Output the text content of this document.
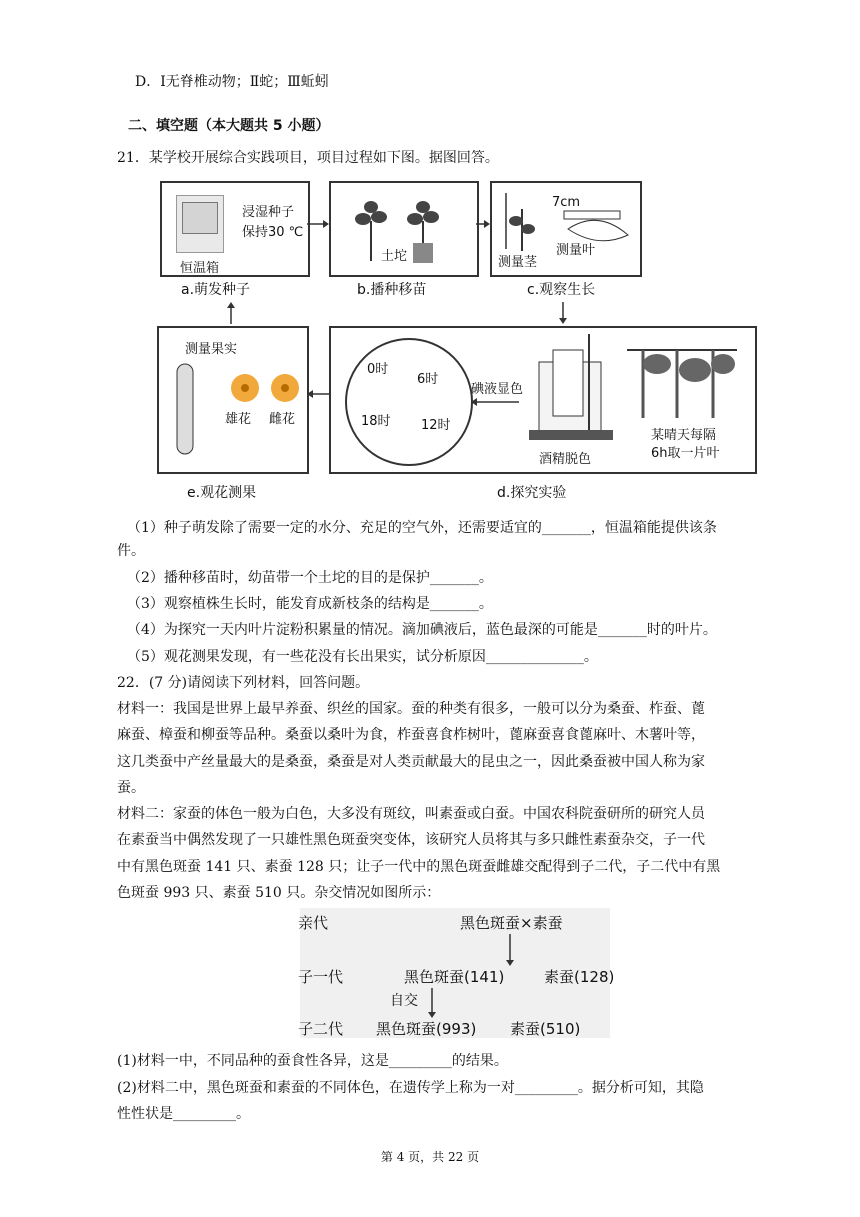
D．Ⅰ无脊椎动物；Ⅱ蛇；Ⅲ蚯蚓
二、填空题（本大题共 5 小题）
21．某学校开展综合实践项目，项目过程如下图。据图回答。
恒温箱
浸湿种子
保持30 ℃
a.萌发种子
土坨
b.播种移苗
7cm
测量茎
测量叶
c.观察生长
0时
6时
12时
18时
碘液显色
酒精脱色
某晴天每隔
6h取一片叶
d.探究实验
测量果实
雄花 雌花
e.观花测果
（1）种子萌发除了需要一定的水分、充足的空气外，还需要适宜的_______，恒温箱能提供该条
件。
（2）播种移苗时，幼苗带一个土坨的目的是保护_______。
（3）观察植株生长时，能发育成新枝条的结构是_______。
（4）为探究一天内叶片淀粉积累量的情况。滴加碘液后，蓝色最深的可能是_______时的叶片。
（5）观花测果发现，有一些花没有长出果实，试分析原因______________。
22．(7 分)请阅读下列材料，回答问题。
材料一：我国是世界上最早养蚕、织丝的国家。蚕的种类有很多，一般可以分为桑蚕、柞蚕、蓖
麻蚕、樟蚕和柳蚕等品种。桑蚕以桑叶为食，柞蚕喜食柞树叶，蓖麻蚕喜食蓖麻叶、木薯叶等，
这几类蚕中产丝量最大的是桑蚕，桑蚕是对人类贡献最大的昆虫之一，因此桑蚕被中国人称为家
蚕。
材料二：家蚕的体色一般为白色，大多没有斑纹，叫素蚕或白蚕。中国农科院蚕研所的研究人员
在素蚕当中偶然发现了一只雄性黑色斑蚕突变体，该研究人员将其与多只雌性素蚕杂交，子一代
中有黑色斑蚕 141 只、素蚕 128 只；让子一代中的黑色斑蚕雌雄交配得到子二代，子二代中有黑
色斑蚕 993 只、素蚕 510 只。杂交情况如图所示：
亲代	黑色斑蚕×素蚕
子一代	黑色斑蚕(141)	素蚕(128)
自交
子二代 黑色斑蚕(993) 素蚕(510)
(1)材料一中，不同品种的蚕食性各异，这是_________的结果。
(2)材料二中，黑色斑蚕和素蚕的不同体色，在遗传学上称为一对_________。据分析可知，其隐
性性状是_________。
第 4 页，共 22 页
